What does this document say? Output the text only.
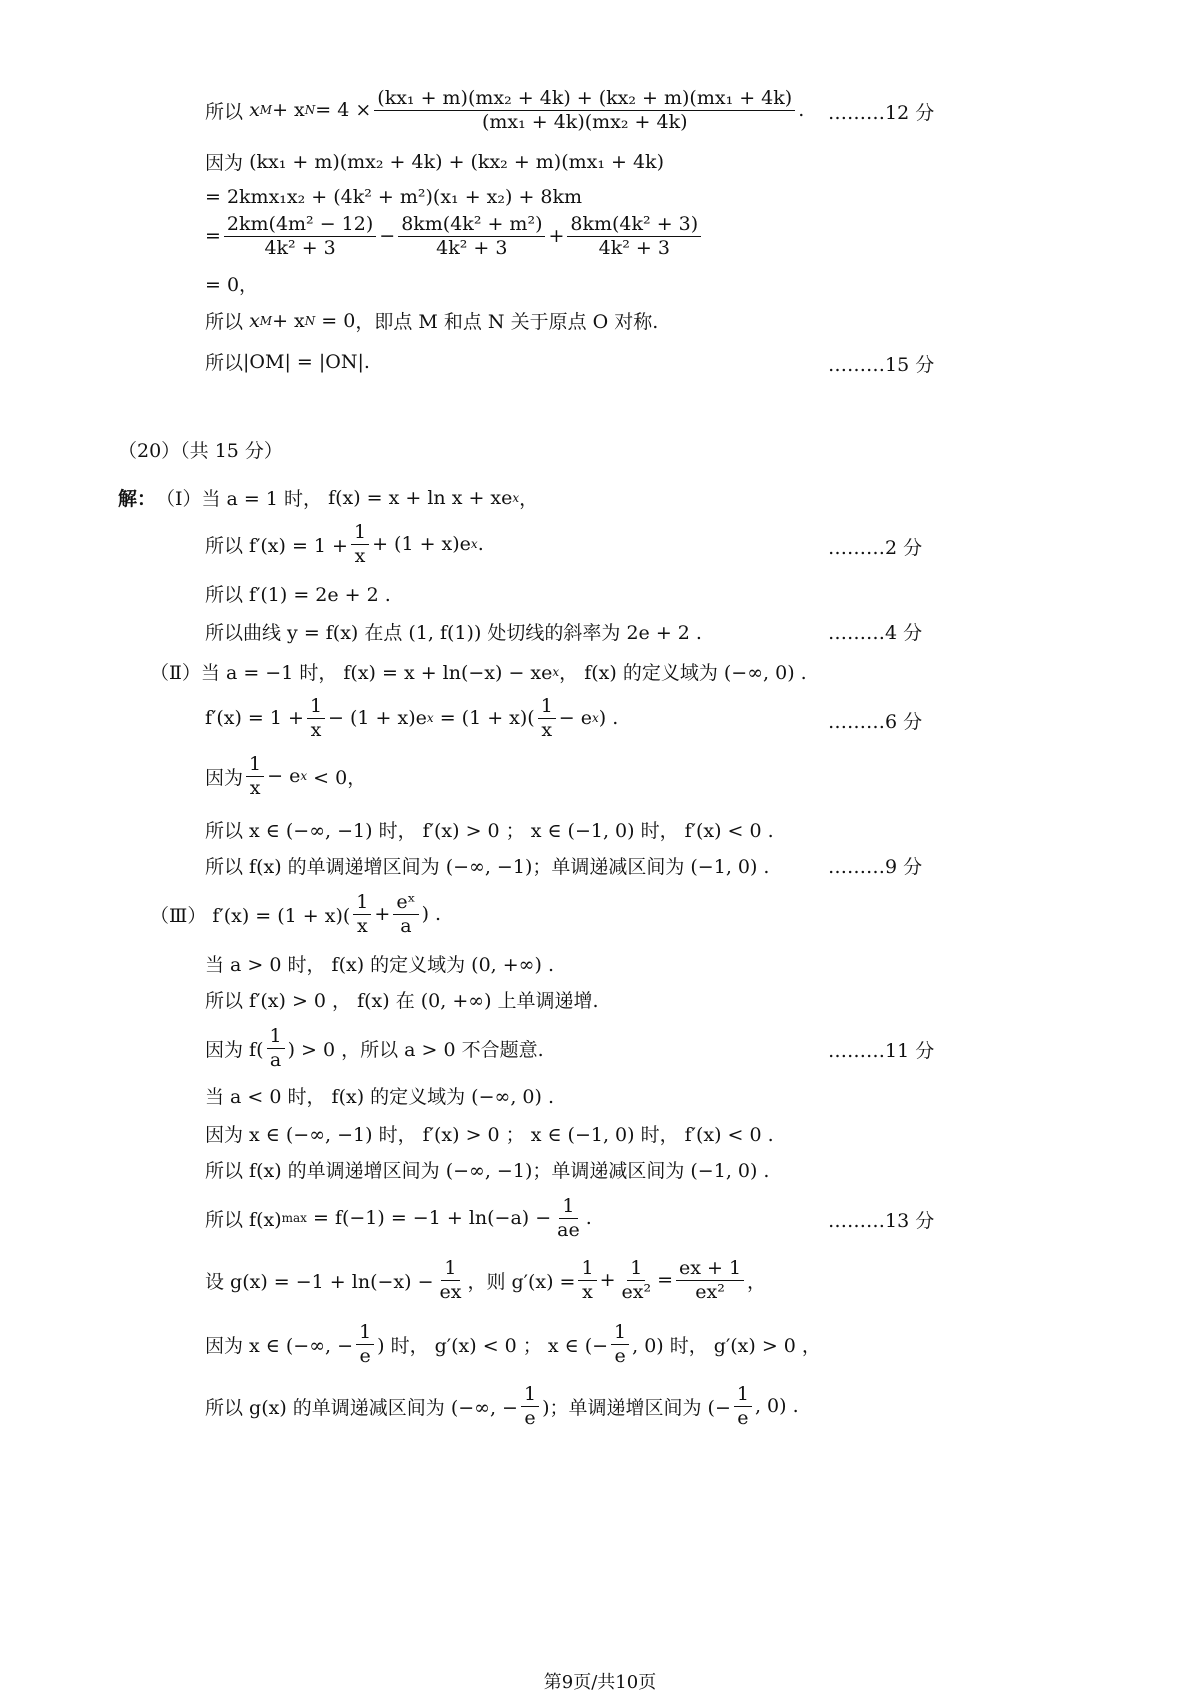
所以
x M + x $N = 4 \times \frac{\text{(kx₁ + m)(mx₂ + 4k) + (kx₂ + m)(mx₁ + 4k)}}{\text{(mx₁ + 4k)(mx₂ + 4k)}}$ . ………12 分
因为
(kx₁ + m)(mx₂ + 4k) + (kx₂ + m)(mx₁ + 4k)
= 2kmx₁x₂ + (4k² + m²)(x₁ + x₂) + 8km
= $\frac{\text{2km(4m² − 12)}}{\text{4k² + 3}} - \frac{\text{8km(4k² + m²)}}{\text{4k² + 3}} + \frac{\text{8km(4k² + 3)}}{\text{4k² + 3}}$
= 0，
所以
x M + x N = 0 ，即点 M 和点 N 关于原点 O 对称.
所以 |OM| = |ON|.	………15 分
（20）（共 15 分）
解： （Ⅰ）当 a = 1 时，
f(x) = x + ln x + xe x ，
所以 $f'(x) = 1 + \frac{1}{x} + (1 + x)e$ x .	………2 分
所以 f′(1) = 2e + 2 .
所以曲线 y = f(x) 在点 (1, f(1)) 处切线的斜率为 2e + 2 .	………4 分
（Ⅱ）当 a = −1 时， f(x) = x + ln(−x) − xe x ， f(x) 的定义域为 (−∞, 0) .
$f'(x) = 1 + \frac{1}{x} - (1 + x)e$ x
= $(1 + x)( \frac{1}{x} - e$ x ) .	………6 分
因为 $\frac{1}{x} - e$ x
< 0，
所以 x ∈ (−∞, −1) 时， f′(x) > 0 ； x ∈ (−1, 0) 时， f′(x) < 0 .
所以 f(x) 的单调递增区间为 (−∞, −1)；单调递减区间为 (−1, 0) .	………9 分
（Ⅲ） $f'(x) = (1 + x)( \frac{1}{x} + \frac{\text{eˣ}}{a}$ ) .
当 a > 0 时， f(x) 的定义域为 (0, +∞) .
所以 f′(x) > 0 ， f(x) 在 (0, +∞) 上单调递增.
因为 $f( \frac{1}{a}$ ) > 0 ，所以 a > 0 不合题意.	………11 分
当 a < 0 时， f(x) 的定义域为 (−∞, 0) .
因为 x ∈ (−∞, −1) 时， f′(x) > 0 ； x ∈ (−1, 0) 时， f′(x) < 0 .
所以 f(x) 的单调递增区间为 (−∞, −1)；单调递减区间为 (−1, 0) .
所以 f(x) max
= $f(-1) = -1 + \ln(-a) - \frac{1}{ae}$ .	………13 分
设 $g(x) = -1 + \ln(-x) - \frac{1}{ex}$ ，则 $g'(x) = \frac{1}{x} + \frac{1}{\text{ex²}} = \frac{ex + 1}{\text{ex²}}$ ，
因为 x ∈ (−∞, − $\frac{1}{e}$ ) 时， g′(x) < 0 ； x ∈ (− $\frac{1}{e}$ , 0) 时， g′(x) > 0 ，
所以 g(x) 的单调递减区间为 (−∞, − $\frac{1}{e}$ )；单调递增区间为 (− $\frac{1}{e}$ , 0) .
第9页/共10页
